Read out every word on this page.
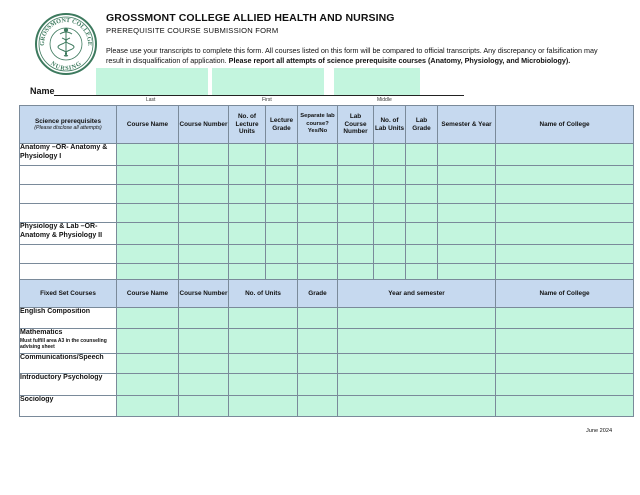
GROSSMONT COLLEGE
NURSING
GROSSMONT COLLEGE ALLIED HEALTH AND NURSING
PREREQUISITE COURSE SUBMISSION FORM
Please use your transcripts to complete this form. All courses listed on this form will be compared to official transcripts. Any discrepancy or falsification may result in disqualification of application. Please report all attempts of science prerequisite courses (Anatomy, Physiology, and Microbiology).
Name
Last	First	Middle
Science prerequisites
(Please disclose all attempts)	Course Name	Course Number	No. of Lecture Units	Lecture Grade	Separate lab course? Yes/No	Lab Course Number	No. of Lab Units	Lab Grade	Semester & Year	Name of College
Anatomy –OR- Anatomy & Physiology I										

Physiology & Lab –OR- Anatomy & Physiology II										

Fixed Set Courses	Course Name	Course Number	No. of Units	Grade	Year and semester	Name of College
English Composition						
Mathematics
Must fulfill area A3 in the counseling advising sheet

Communications/Speech						
Introductory Psychology						
Sociology						
June 2024
